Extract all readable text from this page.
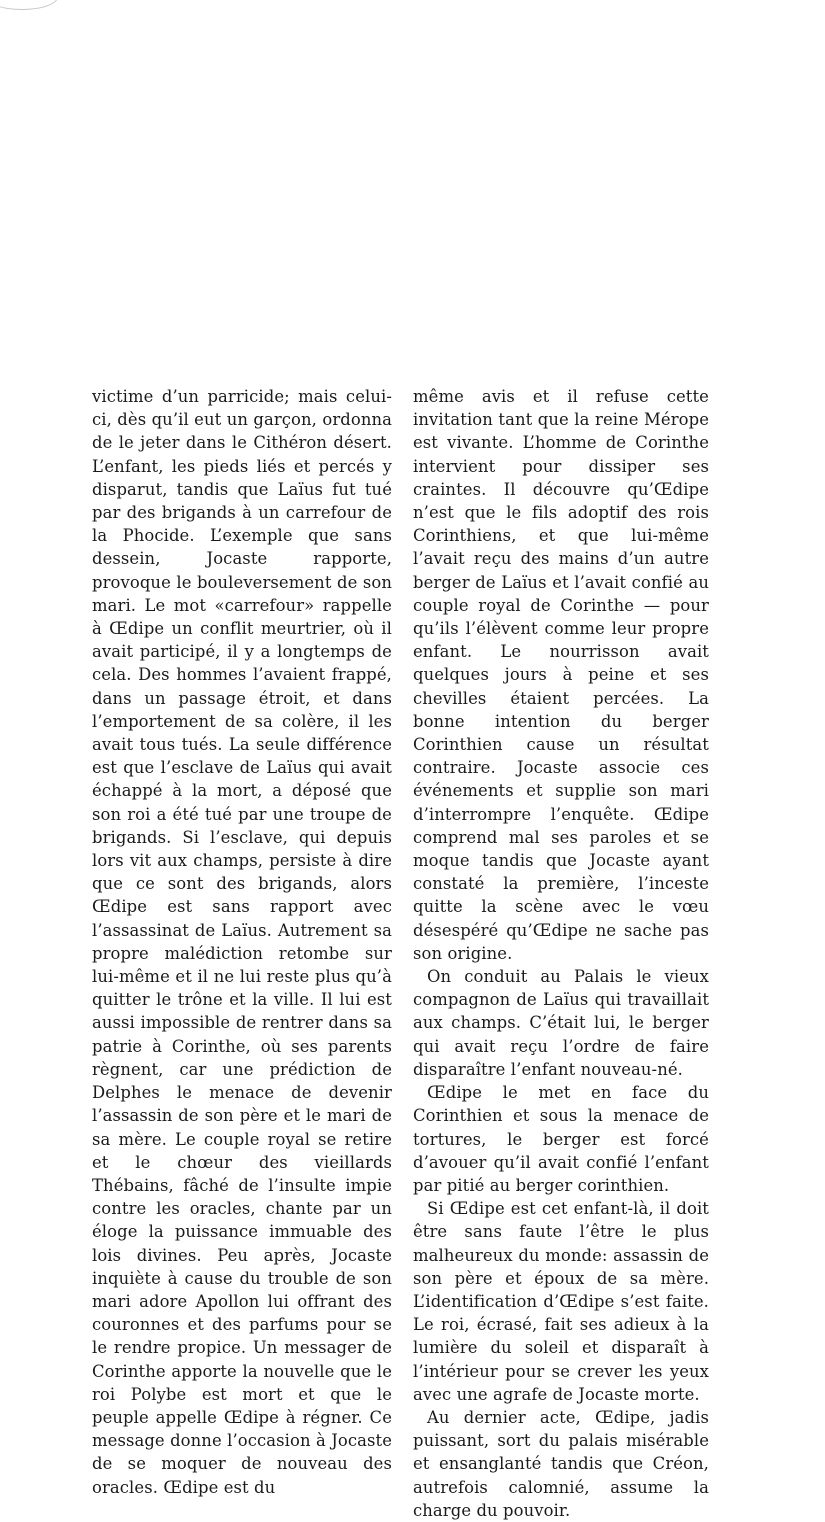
victime d’un parricide; mais celui-ci, dès qu’il eut un garçon, ordonna de le jeter dans le Cithéron désert. L’enfant, les pieds liés et percés y disparut, tandis que Laïus fut tué par des brigands à un carrefour de la Phocide. L’exemple que sans dessein, Jocaste rapporte, provoque le bouleversement de son mari. Le mot «carrefour» rappelle à Œdipe un conflit meurtrier, où il avait participé, il y a longtemps de cela. Des hommes l’avaient frappé, dans un passage étroit, et dans l’emportement de sa colère, il les avait tous tués. La seule différence est que l’esclave de Laïus qui avait échappé à la mort, a déposé que son roi a été tué par une troupe de brigands. Si l’esclave, qui depuis lors vit aux champs, persiste à dire que ce sont des brigands, alors Œdipe est sans rapport avec l’assassinat de Laïus. Autrement sa propre malédiction retombe sur lui-même et il ne lui reste plus qu’à quitter le trône et la ville. Il lui est aussi impossible de rentrer dans sa patrie à Corinthe, où ses parents règnent, car une prédiction de Delphes le menace de devenir l’assassin de son père et le mari de sa mère. Le couple royal se retire et le chœur des vieillards Thébains, fâché de l’insulte impie contre les oracles, chante par un éloge la puissance immuable des lois divines. Peu après, Jocaste inquiète à cause du trouble de son mari adore Apollon lui offrant des couronnes et des parfums pour se le rendre propice. Un messager de Corinthe apporte la nouvelle que le roi Polybe est mort et que le peuple appelle Œdipe à régner. Ce message donne l’occasion à Jocaste de se moquer de nouveau des oracles. Œdipe est du

même avis et il refuse cette invitation tant que la reine Mérope est vivante. L’homme de Corinthe intervient pour dissiper ses craintes. Il découvre qu’Œdipe n’est que le fils adoptif des rois Corinthiens, et que lui-même l’avait reçu des mains d’un autre berger de Laïus et l’avait confié au couple royal de Corinthe — pour qu’ils l’élèvent comme leur propre enfant. Le nourrisson avait quelques jours à peine et ses chevilles étaient percées. La bonne intention du berger Corinthien cause un résultat contraire. Jocaste associe ces événements et supplie son mari d’interrompre l’enquête. Œdipe comprend mal ses paroles et se moque tandis que Jocaste ayant constaté la première, l’inceste quitte la scène avec le vœu désespéré qu’Œdipe ne sache pas son origine.

On conduit au Palais le vieux compagnon de Laïus qui travaillait aux champs. C’était lui, le berger qui avait reçu l’ordre de faire disparaître l’enfant nouveau-né.

Œdipe le met en face du Corinthien et sous la menace de tortures, le berger est forcé d’avouer qu’il avait confié l’enfant par pitié au berger corinthien.

Si Œdipe est cet enfant-là, il doit être sans faute l’être le plus malheureux du monde: assassin de son père et époux de sa mère. L’identification d’Œdipe s’est faite. Le roi, écrasé, fait ses adieux à la lumière du soleil et disparaît à l’intérieur pour se crever les yeux avec une agrafe de Jocaste morte.

Au dernier acte, Œdipe, jadis puissant, sort du palais misérable et ensanglanté tandis que Créon, autrefois calomnié, assume la charge du pouvoir.
